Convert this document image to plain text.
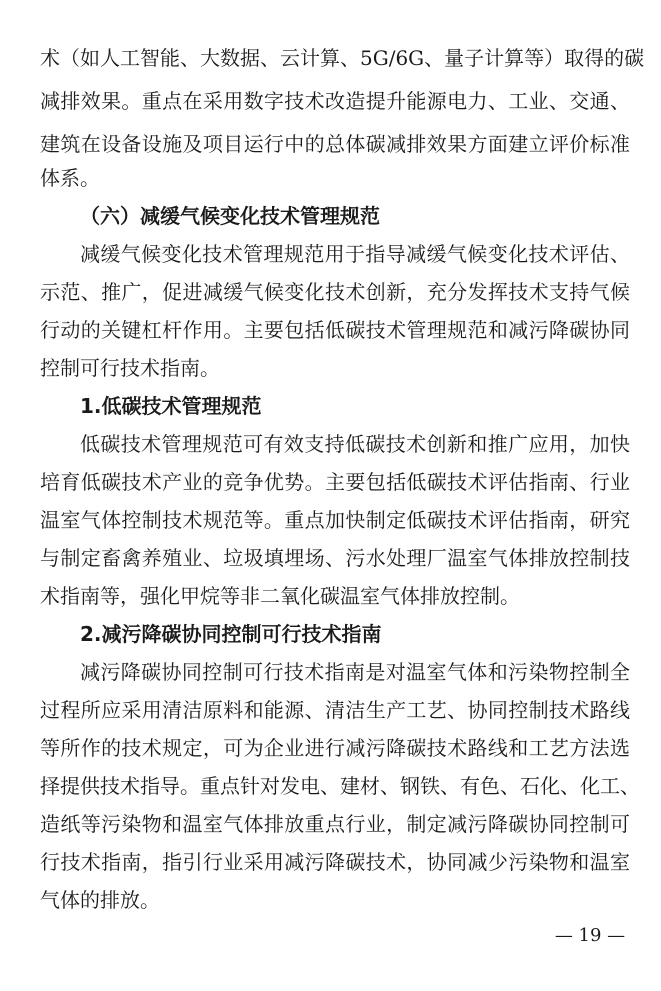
术（如人工智能、大数据、云计算、5G/6G、量子计算等）取得的碳
减排效果。重点在采用数字技术改造提升能源电力、工业、交通、
建筑在设备设施及项目运行中的总体碳减排效果方面建立评价标准
体系。
（六）减缓气候变化技术管理规范
减缓气候变化技术管理规范用于指导减缓气候变化技术评估、
示范、推广，促进减缓气候变化技术创新，充分发挥技术支持气候
行动的关键杠杆作用。主要包括低碳技术管理规范和减污降碳协同
控制可行技术指南。
1.低碳技术管理规范
低碳技术管理规范可有效支持低碳技术创新和推广应用，加快
培育低碳技术产业的竞争优势。主要包括低碳技术评估指南、行业
温室气体控制技术规范等。重点加快制定低碳技术评估指南，研究
与制定畜禽养殖业、垃圾填埋场、污水处理厂温室气体排放控制技
术指南等，强化甲烷等非二氧化碳温室气体排放控制。
2.减污降碳协同控制可行技术指南
减污降碳协同控制可行技术指南是对温室气体和污染物控制全
过程所应采用清洁原料和能源、清洁生产工艺、协同控制技术路线
等所作的技术规定，可为企业进行减污降碳技术路线和工艺方法选
择提供技术指导。重点针对发电、建材、钢铁、有色、石化、化工、
造纸等污染物和温室气体排放重点行业，制定减污降碳协同控制可
行技术指南，指引行业采用减污降碳技术，协同减少污染物和温室
气体的排放。
— 19 —
